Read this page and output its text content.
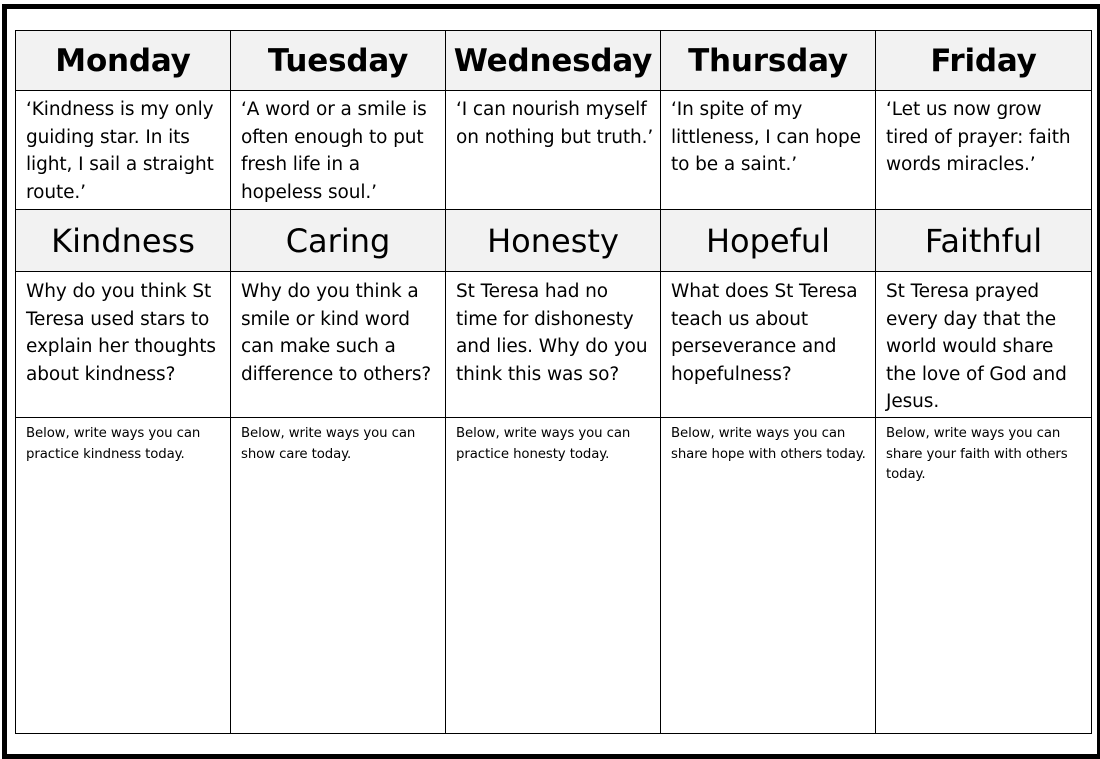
Monday	Tuesday	Wednesday	Thursday	Friday

‘Kindness is my only guiding star. In its light, I sail a straight route.’	‘A word or a smile is often enough to put fresh life in a hopeless soul.’	‘I can nourish myself on nothing but truth.’	‘In spite of my littleness, I can hope to be a saint.’	‘Let us now grow tired of prayer: faith words miracles.’

Kindness	Caring	Honesty	Hopeful	Faithful

Why do you think St Teresa used stars to explain her thoughts about kindness?	Why do you think a smile or kind word can make such a difference to others?	St Teresa had no time for dishonesty and lies. Why do you think this was so?	What does St Teresa teach us about perseverance and hopefulness?	St Teresa prayed every day that the world would share the love of God and Jesus.

Below, write ways you can practice kindness today.	Below, write ways you can show care today.	Below, write ways you can practice honesty today.	Below, write ways you can share hope with others today.	Below, write ways you can share your faith with others today.
